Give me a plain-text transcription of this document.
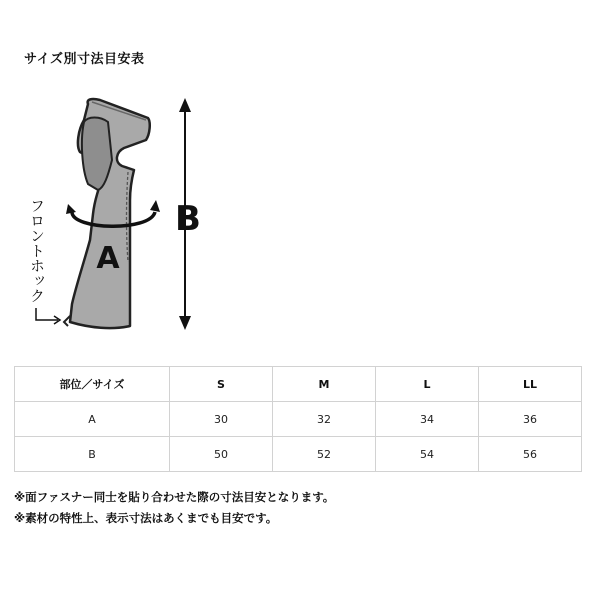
サイズ別寸法目安表
A
B
フロントホック
部位／サイズ	S	M	L	LL
A	30	32	34	36
B	50	52	54	56
※面ファスナー同士を貼り合わせた際の寸法目安となります。
※素材の特性上、表示寸法はあくまでも目安です。
